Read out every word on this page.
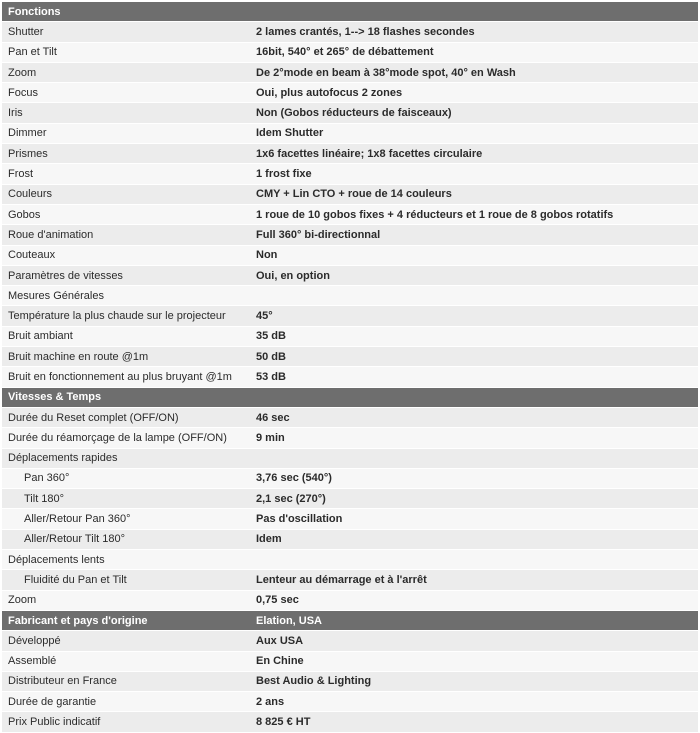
Fonctions
Shutter	2 lames crantés, 1--> 18 flashes secondes
Pan et Tilt	16bit, 540° et 265° de débattement
Zoom	De 2°mode en beam à 38°mode spot, 40° en Wash
Focus	Oui, plus autofocus 2 zones
Iris	Non (Gobos réducteurs de faisceaux)
Dimmer	Idem Shutter
Prismes	1x6 facettes linéaire; 1x8 facettes circulaire
Frost	1 frost fixe
Couleurs	CMY + Lin CTO + roue de 14 couleurs
Gobos	1 roue de 10 gobos fixes + 4 réducteurs et 1 roue de 8 gobos rotatifs
Roue d'animation	Full 360° bi-directionnal
Couteaux	Non
Paramètres de vitesses	Oui, en option
Mesures Générales
Température la plus chaude sur le projecteur	45°
Bruit ambiant	35 dB
Bruit machine en route @1m	50 dB
Bruit en fonctionnement au plus bruyant @1m	53 dB
Vitesses & Temps
Durée du Reset complet (OFF/ON)	46 sec
Durée du réamorçage de la lampe (OFF/ON)	9 min
Déplacements rapides
Pan 360°	3,76 sec (540°)
Tilt 180°	2,1 sec (270°)
Aller/Retour Pan 360°	Pas d'oscillation
Aller/Retour Tilt 180°	Idem
Déplacements lents
Fluidité du Pan et Tilt	Lenteur au démarrage et à l'arrêt
Zoom	0,75 sec
Fabricant et pays d'origine	Elation, USA
Développé	Aux USA
Assemblé	En Chine
Distributeur en France	Best Audio & Lighting
Durée de garantie	2 ans
Prix Public indicatif	8 825 € HT
